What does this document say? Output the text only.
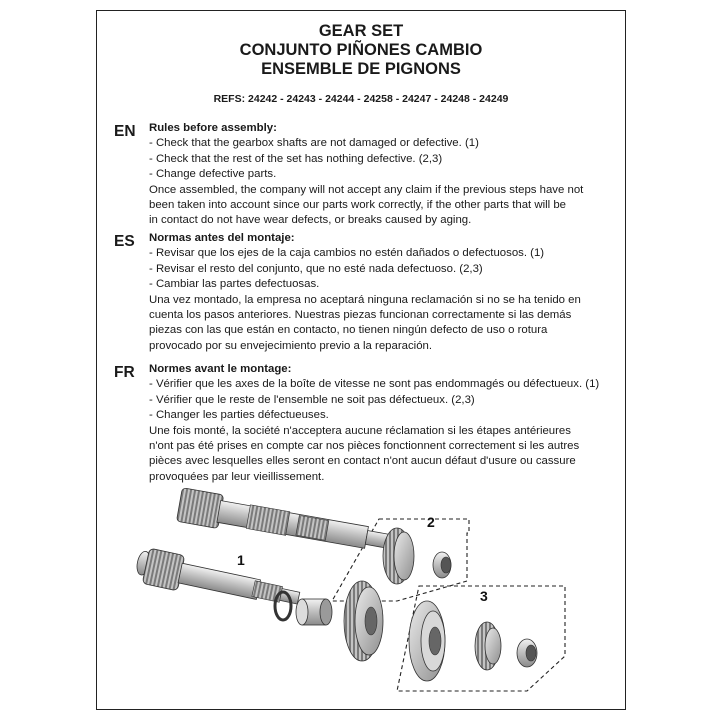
GEAR SET
CONJUNTO PIÑONES CAMBIO
ENSEMBLE DE PIGNONS
REFS: 24242 - 24243 - 24244 - 24258 - 24247 - 24248 - 24249
EN Rules before assembly:
- Check that the gearbox shafts are not damaged or defective. (1)
- Check that the rest of the set has nothing defective. (2,3)
- Change defective parts.
Once assembled, the company will not accept any claim if the previous steps have not
been taken into account since our parts work correctly, if the other parts that will be
in contact do not have wear defects, or breaks caused by aging.
ES Normas antes del montaje:
- Revisar que los ejes de la caja cambios no estén dañados o defectuosos. (1)
- Revisar el resto del conjunto, que no esté nada defectuoso. (2,3)
- Cambiar las partes defectuosas.
Una vez montado, la empresa no aceptará ninguna reclamación si no se ha tenido en
cuenta los pasos anteriores. Nuestras piezas funcionan correctamente si las demás
piezas con las que están en contacto, no tienen ningún defecto de uso o rotura
provocado por su envejecimiento previo a la reparación.
FR Normes avant le montage:
- Vérifier que les axes de la boîte de vitesse ne sont pas endommagés ou défectueux. (1)
- Vérifier que le reste de l'ensemble ne soit pas défectueux. (2,3)
- Changer les parties défectueuses.
Une fois monté, la société n'acceptera aucune réclamation si les étapes antérieures
n'ont pas été prises en compte car nos pièces fonctionnent correctement si les autres
pièces avec lesquelles elles seront en contact n'ont aucun défaut d'usure ou cassure
provoquées par leur vieillissement.
1
2
3
